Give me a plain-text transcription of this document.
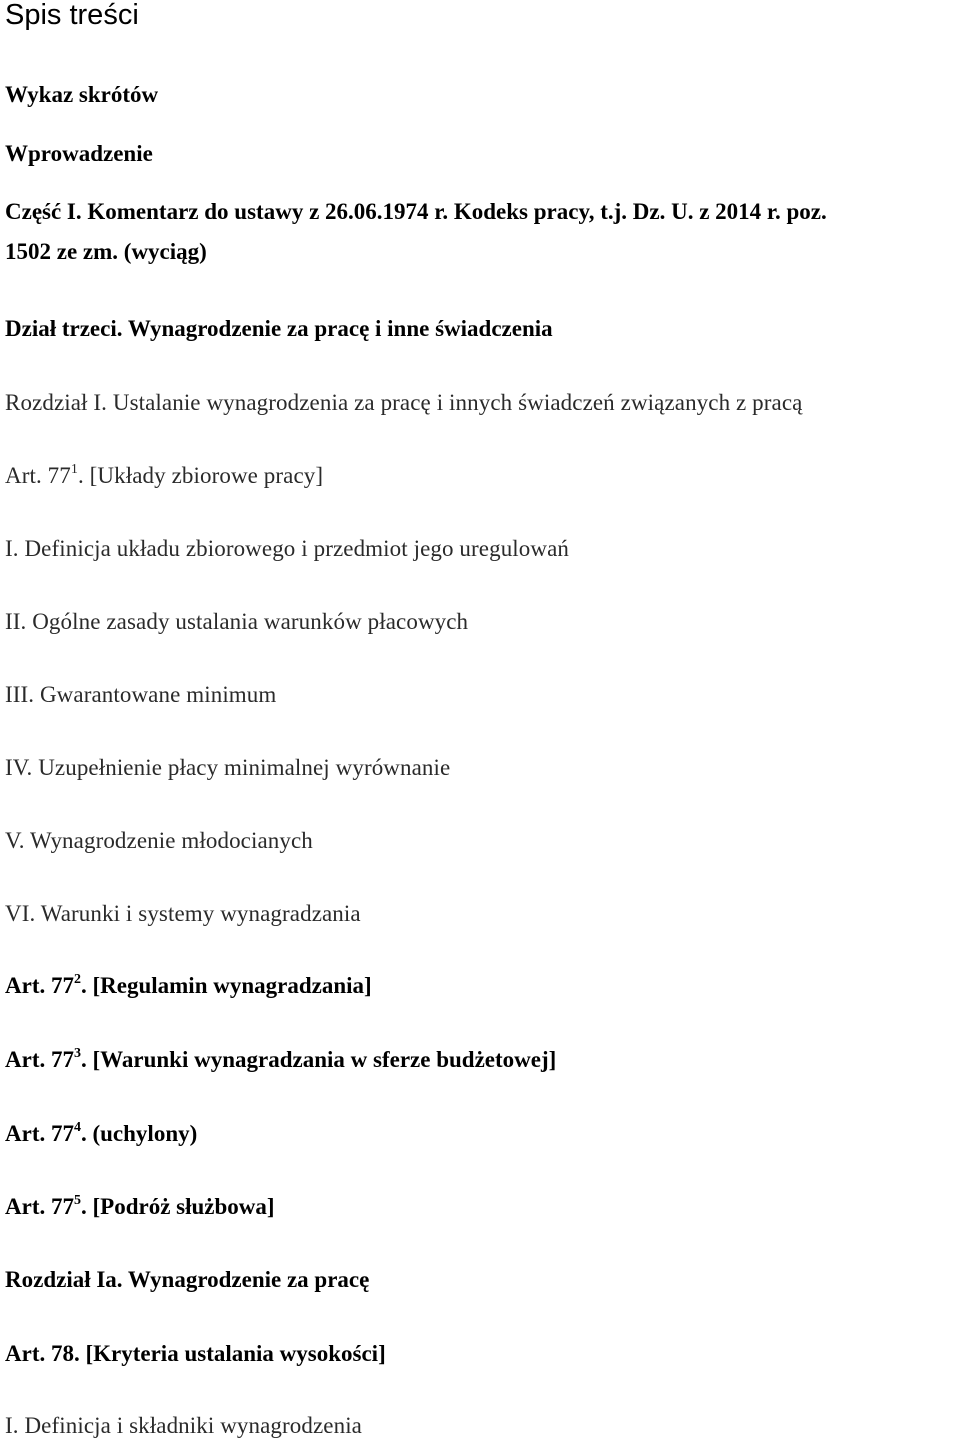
Spis treści
Wykaz skrótów
Wprowadzenie
Część I. Komentarz do ustawy z 26.06.1974 r. Kodeks pracy, t.j. Dz. U. z 2014 r. poz.
1502 ze zm. (wyciąg)
Dział trzeci. Wynagrodzenie za pracę i inne świadczenia
Rozdział I. Ustalanie wynagrodzenia za pracę i innych świadczeń związanych z pracą
Art. $77^1$. [Układy zbiorowe pracy]
I. Definicja układu zbiorowego i przedmiot jego uregulowań
II. Ogólne zasady ustalania warunków płacowych
III. Gwarantowane minimum
IV. Uzupełnienie płacy minimalnej wyrównanie
V. Wynagrodzenie młodocianych
VI. Warunki i systemy wynagradzania
Art. $77^2$. [Regulamin wynagradzania]
Art. $77^3$. [Warunki wynagradzania w sferze budżetowej]
Art. $77^4$. (uchylony)
Art. $77^5$. [Podróż służbowa]
Rozdział Ia. Wynagrodzenie za pracę
Art. 78. [Kryteria ustalania wysokości]
I. Definicja i składniki wynagrodzenia
